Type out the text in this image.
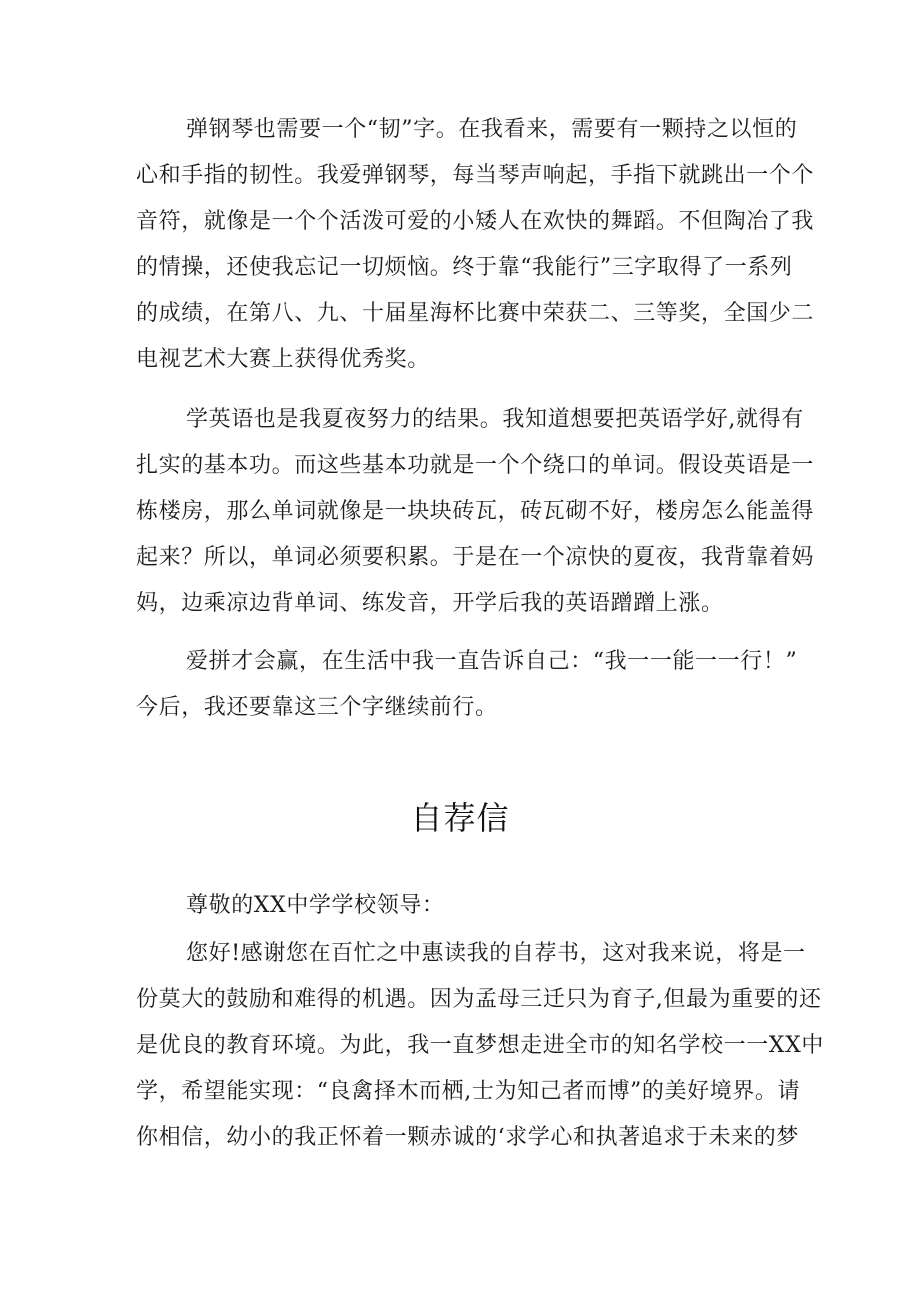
弹钢琴也需要一个“韧”字。在我看来，需要有一颗持之以恒的
心和手指的韧性。我爱弹钢琴，每当琴声响起，手指下就跳出一个个
音符，就像是一个个活泼可爱的小矮人在欢快的舞蹈。不但陶冶了我
的情操，还使我忘记一切烦恼。终于靠“我能行”三字取得了一系列
的成绩，在第八、九、十届星海杯比赛中荣获二、三等奖，全国少二
电视艺术大赛上获得优秀奖。
学英语也是我夏夜努力的结果。我知道想要把英语学好,就得有
扎实的基本功。而这些基本功就是一个个绕口的单词。假设英语是一
栋楼房，那么单词就像是一块块砖瓦，砖瓦砌不好，楼房怎么能盖得
起来？所以，单词必须要积累。于是在一个凉快的夏夜，我背靠着妈
妈，边乘凉边背单词、练发音，开学后我的英语蹭蹭上涨。
爱拼才会赢，在生活中我一直告诉自己：“我一一能一一行！”
今后，我还要靠这三个字继续前行。
自荐信
尊敬的XX中学学校领导：
您好!感谢您在百忙之中惠读我的自荐书，这对我来说，将是一
份莫大的鼓励和难得的机遇。因为孟母三迁只为育子,但最为重要的还
是优良的教育环境。为此，我一直梦想走进全市的知名学校一一XX中
学，希望能实现：“良禽择木而栖,士为知己者而博”的美好境界。请
你相信，幼小的我正怀着一颗赤诚的‘求学心和执著追求于未来的梦
